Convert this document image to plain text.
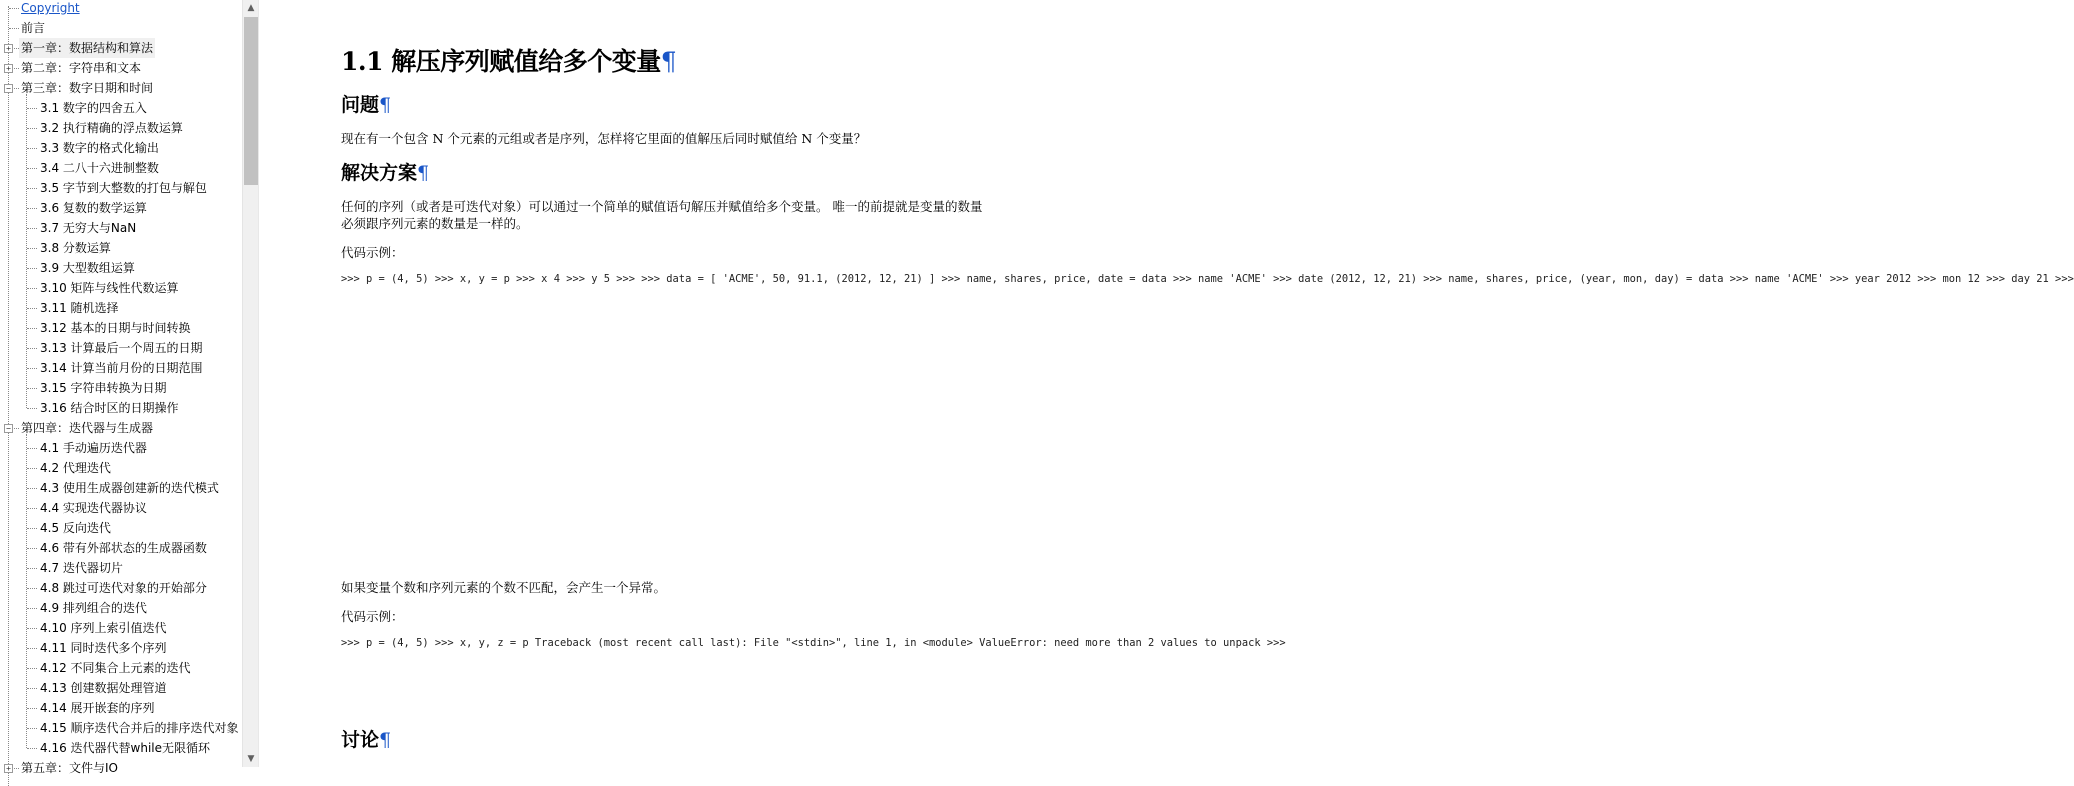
Copyright
前言
+ 第一章：数据结构和算法
+ 第二章：字符串和文本
− 第三章：数字日期和时间
3.1 数字的四舍五入
3.2 执行精确的浮点数运算
3.3 数字的格式化输出
3.4 二八十六进制整数
3.5 字节到大整数的打包与解包
3.6 复数的数学运算
3.7 无穷大与NaN
3.8 分数运算
3.9 大型数组运算
3.10 矩阵与线性代数运算
3.11 随机选择
3.12 基本的日期与时间转换
3.13 计算最后一个周五的日期
3.14 计算当前月份的日期范围
3.15 字符串转换为日期
3.16 结合时区的日期操作
− 第四章：迭代器与生成器
4.1 手动遍历迭代器
4.2 代理迭代
4.3 使用生成器创建新的迭代模式
4.4 实现迭代器协议
4.5 反向迭代
4.6 带有外部状态的生成器函数
4.7 迭代器切片
4.8 跳过可迭代对象的开始部分
4.9 排列组合的迭代
4.10 序列上索引值迭代
4.11 同时迭代多个序列
4.12 不同集合上元素的迭代
4.13 创建数据处理管道
4.14 展开嵌套的序列
4.15 顺序迭代合并后的排序迭代对象
4.16 迭代器代替while无限循环
+ 第五章：文件与IO
▲
▼
1.1 解压序列赋值给多个变量¶
问题¶

现在有一个包含 N 个元素的元组或者是序列，怎样将它里面的值解压后同时赋值给 N 个变量？

解决方案¶

任何的序列（或者是可迭代对象）可以通过一个简单的赋值语句解压并赋值给多个变量。 唯一的前提就是变量的数量

必须跟序列元素的数量是一样的。

代码示例：

>>> p = (4, 5) >>> x, y = p >>> x 4 >>> y 5 >>> >>> data = [ 'ACME', 50, 91.1, (2012, 12, 21) ] >>> name, shares, price, date = data >>> name 'ACME' >>> date (2012, 12, 21) >>> name, shares, price, (year, mon, day) = data >>> name 'ACME' >>> year 2012 >>> mon 12 >>> day 21 >>>

如果变量个数和序列元素的个数不匹配，会产生一个异常。

代码示例：

>>> p = (4, 5) >>> x, y, z = p Traceback (most recent call last): File "<stdin>", line 1, in <module> ValueError: need more than 2 values to unpack >>>
讨论¶
